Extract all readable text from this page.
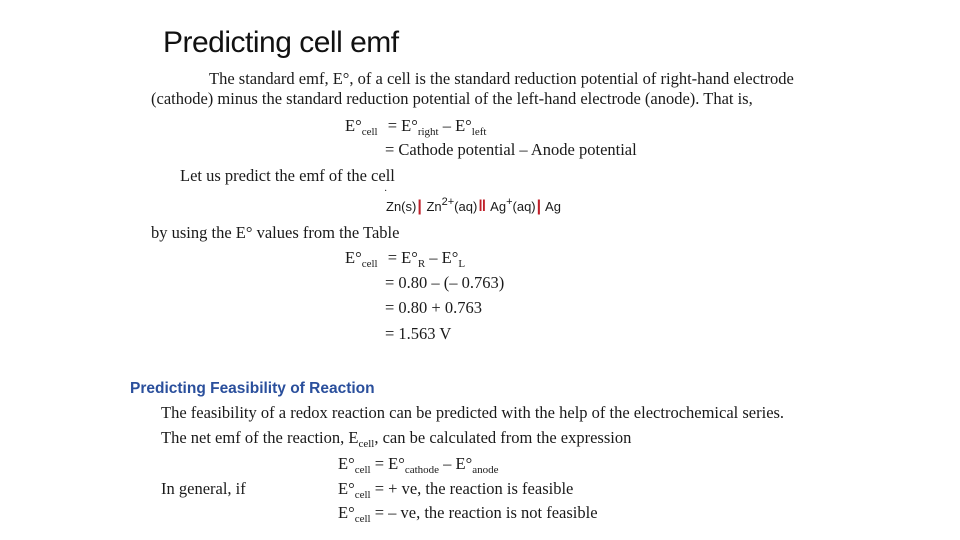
Predicting cell emf
The standard emf, E°, of a cell is the standard reduction potential of right-hand electrode
(cathode) minus the standard reduction potential of the left-hand electrode (anode). That is,
$E^\circ_{cell} = E^\circ_{right} - E^\circ_{left}$
= Cathode potential – Anode potential
Let us predict the emf of the cell
·
Zn(s)| $Zn^{2+}(aq)‖$ Ag+(aq)| Ag
by using the E° values from the Table
$E^\circ_{cell} = E^\circ_R - E^\circ_L$
= 0.80 – (– 0.763)
= 0.80 + 0.763
= 1.563 V
Predicting Feasibility of Reaction
The feasibility of a redox reaction can be predicted with the help of the electrochemical series.
The net emf of the reaction, $E_{cell}$, can be calculated from the expression
$E^\circ_{cell} = E^\circ_{cathode} - E^\circ_{anode}$
In general, if	$E^\circ_{cell}$ = + ve, the reaction is feasible
$E^\circ_{cell}$ = – ve, the reaction is not feasible
